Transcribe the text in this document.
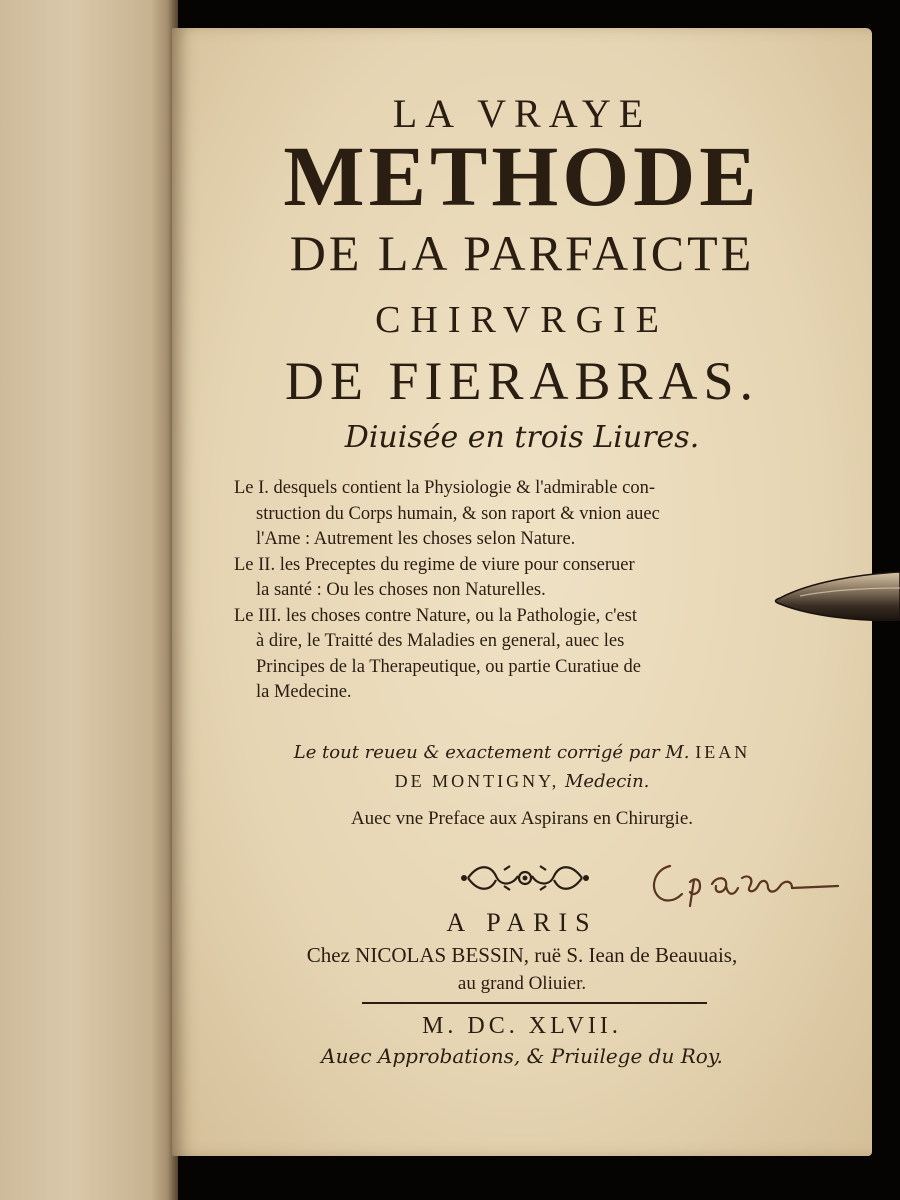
LA VRAYE
METHODE
DE LA PARFAICTE
CHIRVRGIE
DE FIERABRAS.
Diuisée en trois Liures.

Le I. desquels contient la Physiologie & l'admirable con-

struction du Corps humain, & son raport & vnion auec

l'Ame : Autrement les choses selon Nature.

Le II. les Preceptes du regime de viure pour conseruer

la santé : Ou les choses non Naturelles.

Le III. les choses contre Nature, ou la Pathologie, c'est

à dire, le Traitté des Maladies en general, auec les

Principes de la Therapeutique, ou partie Curatiue de

la Medecine.

Le tout reueu & exactement corrigé par M. IEAN
DE MONTIGNY, Medecin.
Auec vne Preface aux Aspirans en Chirurgie.
A PARIS
Chez NICOLAS BESSIN, ruë S. Iean de Beauuais,
au grand Oliuier.
M. DC. XLVII.
Auec Approbations, & Priuilege du Roy.
